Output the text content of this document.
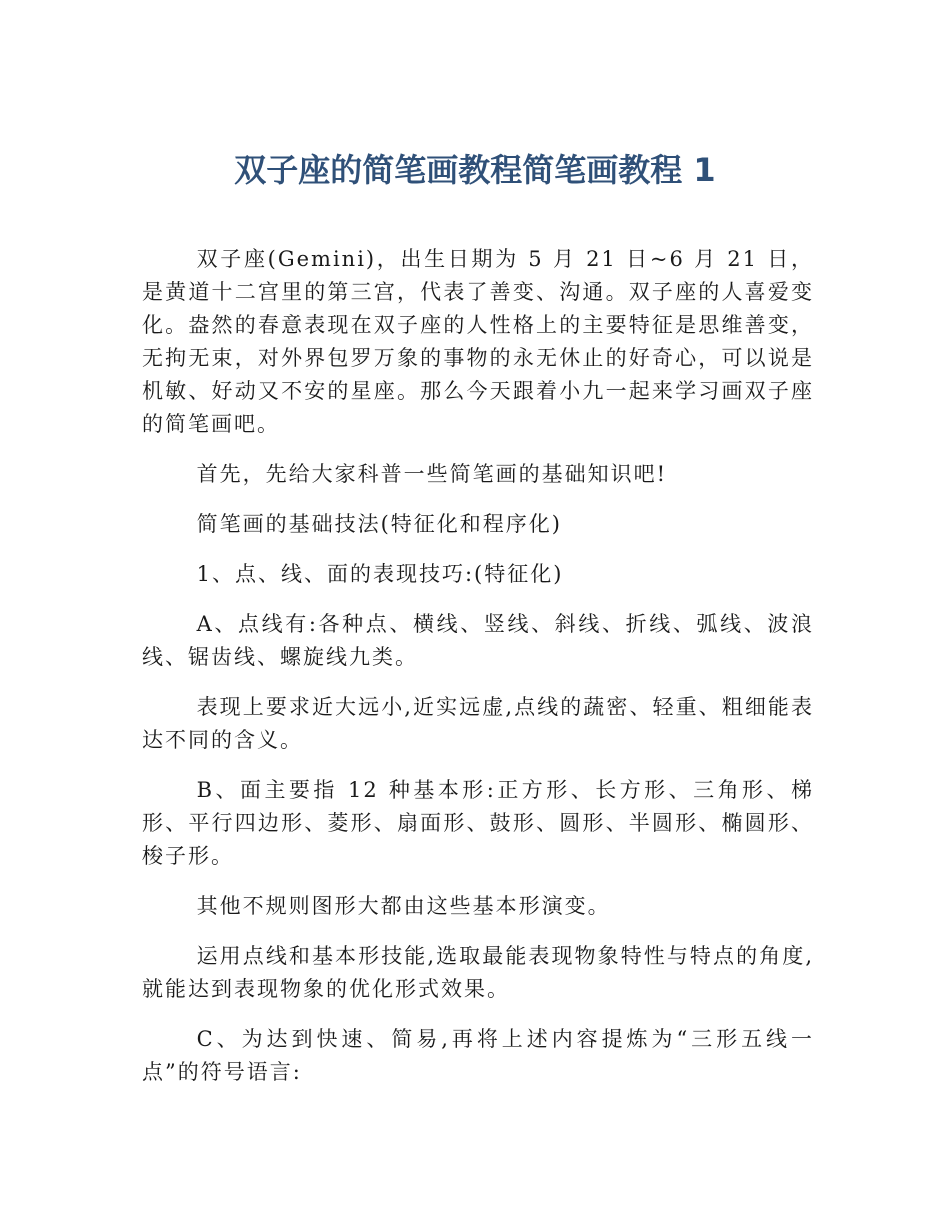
双子座的简笔画教程简笔画教程 1

双子座(Gemini)，出生日期为 5 月 21 日~6 月 21 日，是黄道十二宫里的第三宫，代表了善变、沟通。双子座的人喜爱变化。盎然的春意表现在双子座的人性格上的主要特征是思维善变，无拘无束，对外界包罗万象的事物的永无休止的好奇心，可以说是机敏、好动又不安的星座。那么今天跟着小九一起来学习画双子座的简笔画吧。

首先，先给大家科普一些简笔画的基础知识吧!

简笔画的基础技法(特征化和程序化)

1、点、线、面的表现技巧:(特征化)

A、点线有:各种点、横线、竖线、斜线、折线、弧线、波浪线、锯齿线、螺旋线九类。

表现上要求近大远小,近实远虚,点线的蔬密、轻重、粗细能表达不同的含义。

B、面主要指 12 种基本形:正方形、长方形、三角形、梯形、平行四边形、菱形、扇面形、鼓形、圆形、半圆形、椭圆形、梭子形。

其他不规则图形大都由这些基本形演变。

运用点线和基本形技能,选取最能表现物象特性与特点的角度,就能达到表现物象的优化形式效果。

C、为达到快速、简易,再将上述内容提炼为“三形五线一点”的符号语言:
